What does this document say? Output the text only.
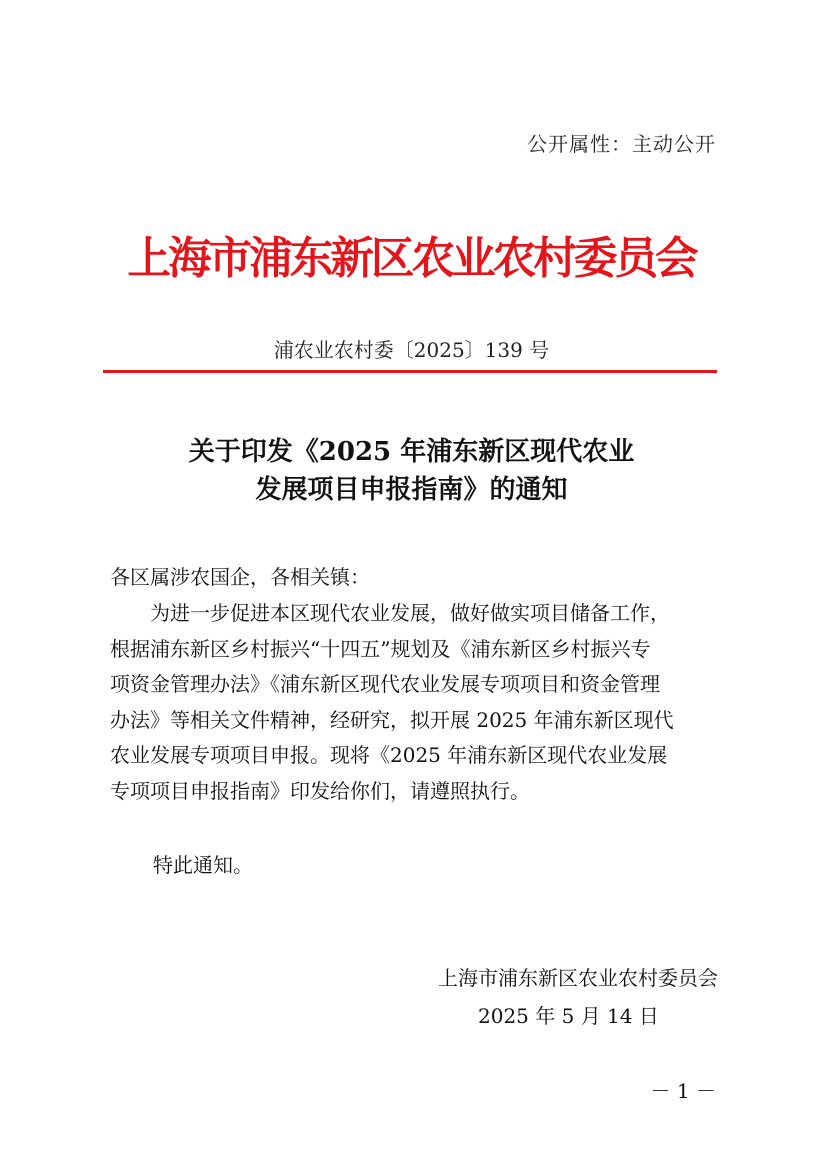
公开属性：主动公开
上海市浦东新区农业农村委员会
浦农业农村委〔2025〕139 号
关于印发《2025 年浦东新区现代农业
发展项目申报指南》的通知
各区属涉农国企，各相关镇：
　　为进一步促进本区现代农业发展，做好做实项目储备工作，
根据浦东新区乡村振兴“十四五”规划及《浦东新区乡村振兴专
项资金管理办法》《浦东新区现代农业发展专项项目和资金管理
办法》等相关文件精神，经研究，拟开展 2025 年浦东新区现代
农业发展专项项目申报。现将《2025 年浦东新区现代农业发展
专项项目申报指南》印发给你们，请遵照执行。
特此通知。
上海市浦东新区农业农村委员会
2025 年 5 月 14 日
－ 1 －
